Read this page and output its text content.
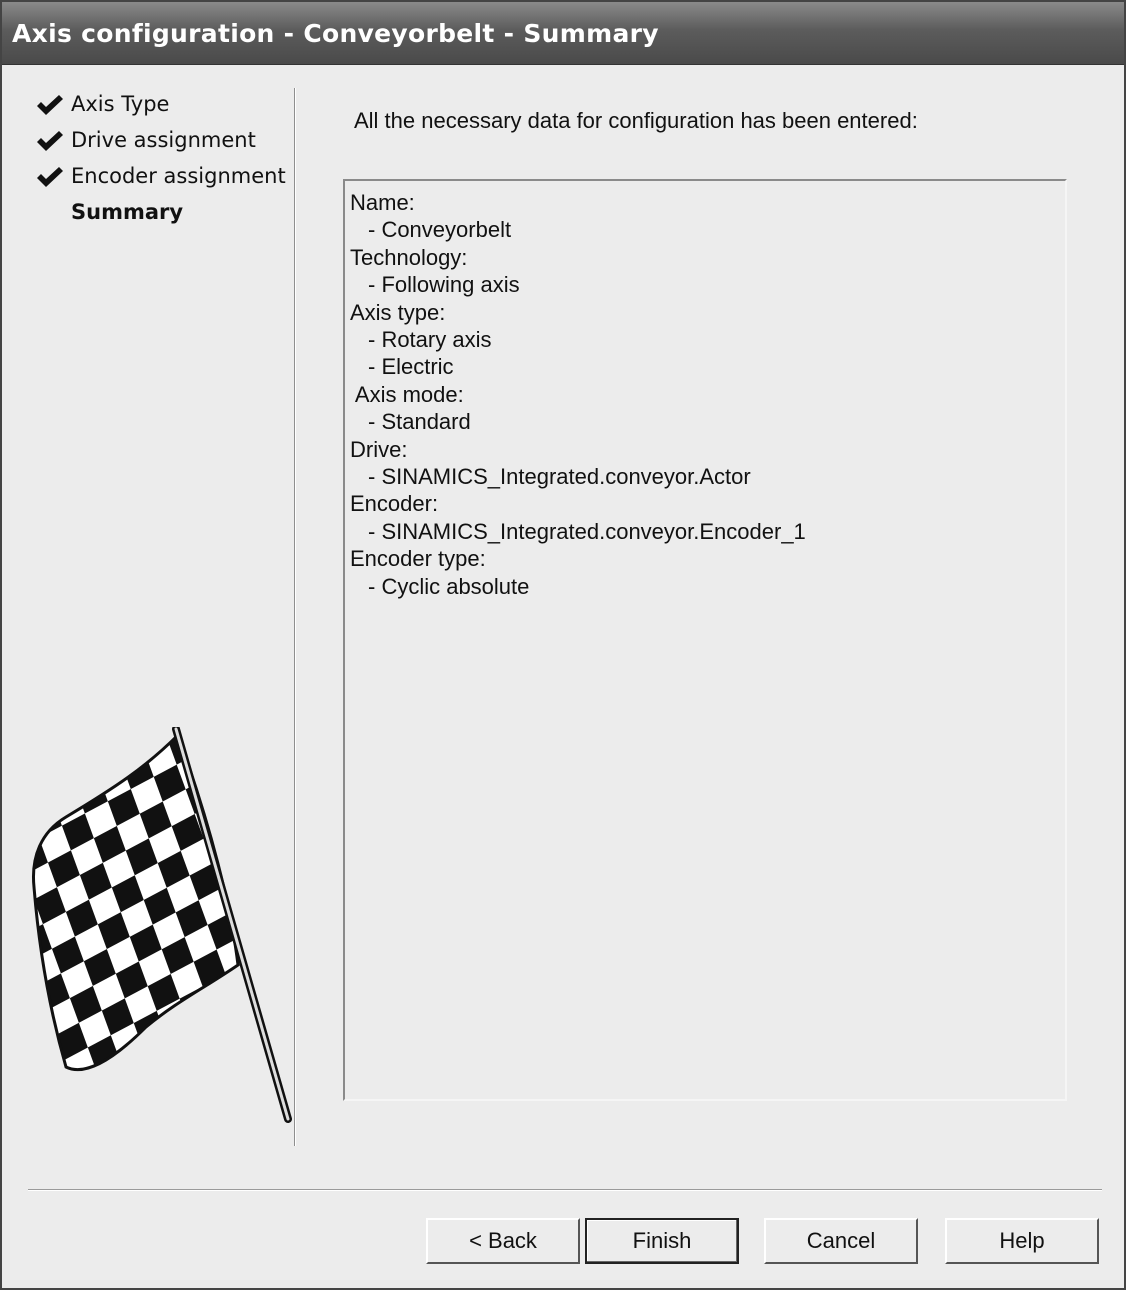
Axis configuration - Conveyorbelt - Summary
Axis Type
Drive assignment
Encoder assignment
Summary
All the necessary data for configuration has been entered:
Name:
- Conveyorbelt
Technology:
- Following axis
Axis type:
- Rotary axis
- Electric
Axis mode:
- Standard
Drive:
- SINAMICS_Integrated.conveyor.Actor
Encoder:
- SINAMICS_Integrated.conveyor.Encoder_1
Encoder type:
- Cyclic absolute
< Back	Finish	Cancel	Help
